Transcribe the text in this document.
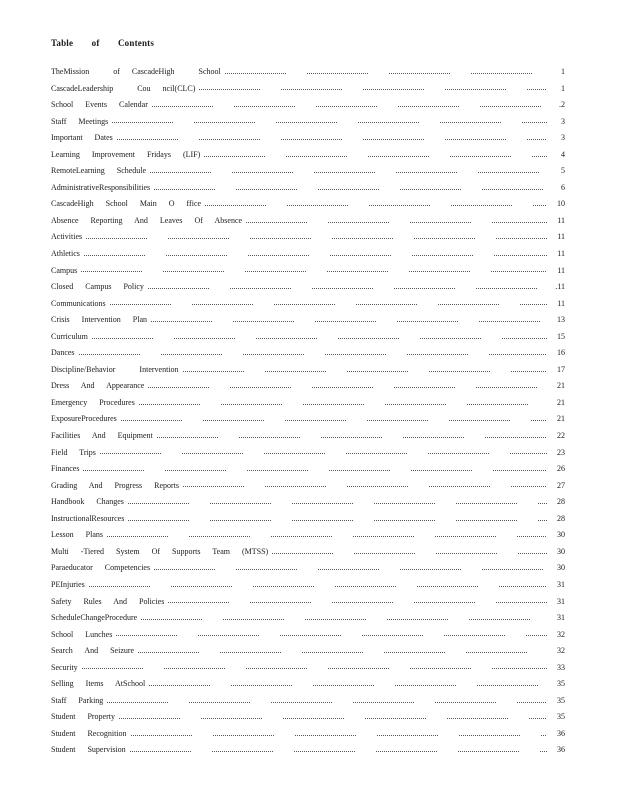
Table of Contents
TheMission  of CascadeHigh  School	1
CascadeLeadership  Cou ncil(CLC)	1
School Events Calendar	.2
Staff Meetings	3
Important Dates	3
Learning Improvement Fridays (LIF)	4
RemoteLearning Schedule	5
AdministrativeResponsibilities	6
CascadeHigh School Main O ffice	10
Absence Reporting And Leaves Of Absence	11
Activities	11
Athletics	11
Campus	11
Closed Campus Policy	.11
Communications	11
Crisis Intervention Plan	13
Curriculum	15
Dances	16
Discipline/Behavior  Intervention	17
Dress And Appearance	21
Emergency Procedures	21
ExposureProcedures	21
Facilities And Equipment	22
Field Trips	23
Finances	26
Grading And Progress Reports	27
Handbook Changes	28
InstructionalResources	28
Lesson Plans	30
Multi -Tiered System Of Supports Team (MTSS)	30
Paraeducator Competencies	30
PEInjuries	31
Safety Rules And Policies	31
ScheduleChangeProcedure	31
School Lunches	32
Search And Seizure	32
Security	33
Selling Items AtSchool	35
Staff Parking	35
Student Property	35
Student Recognition	36
Student Supervision	36
